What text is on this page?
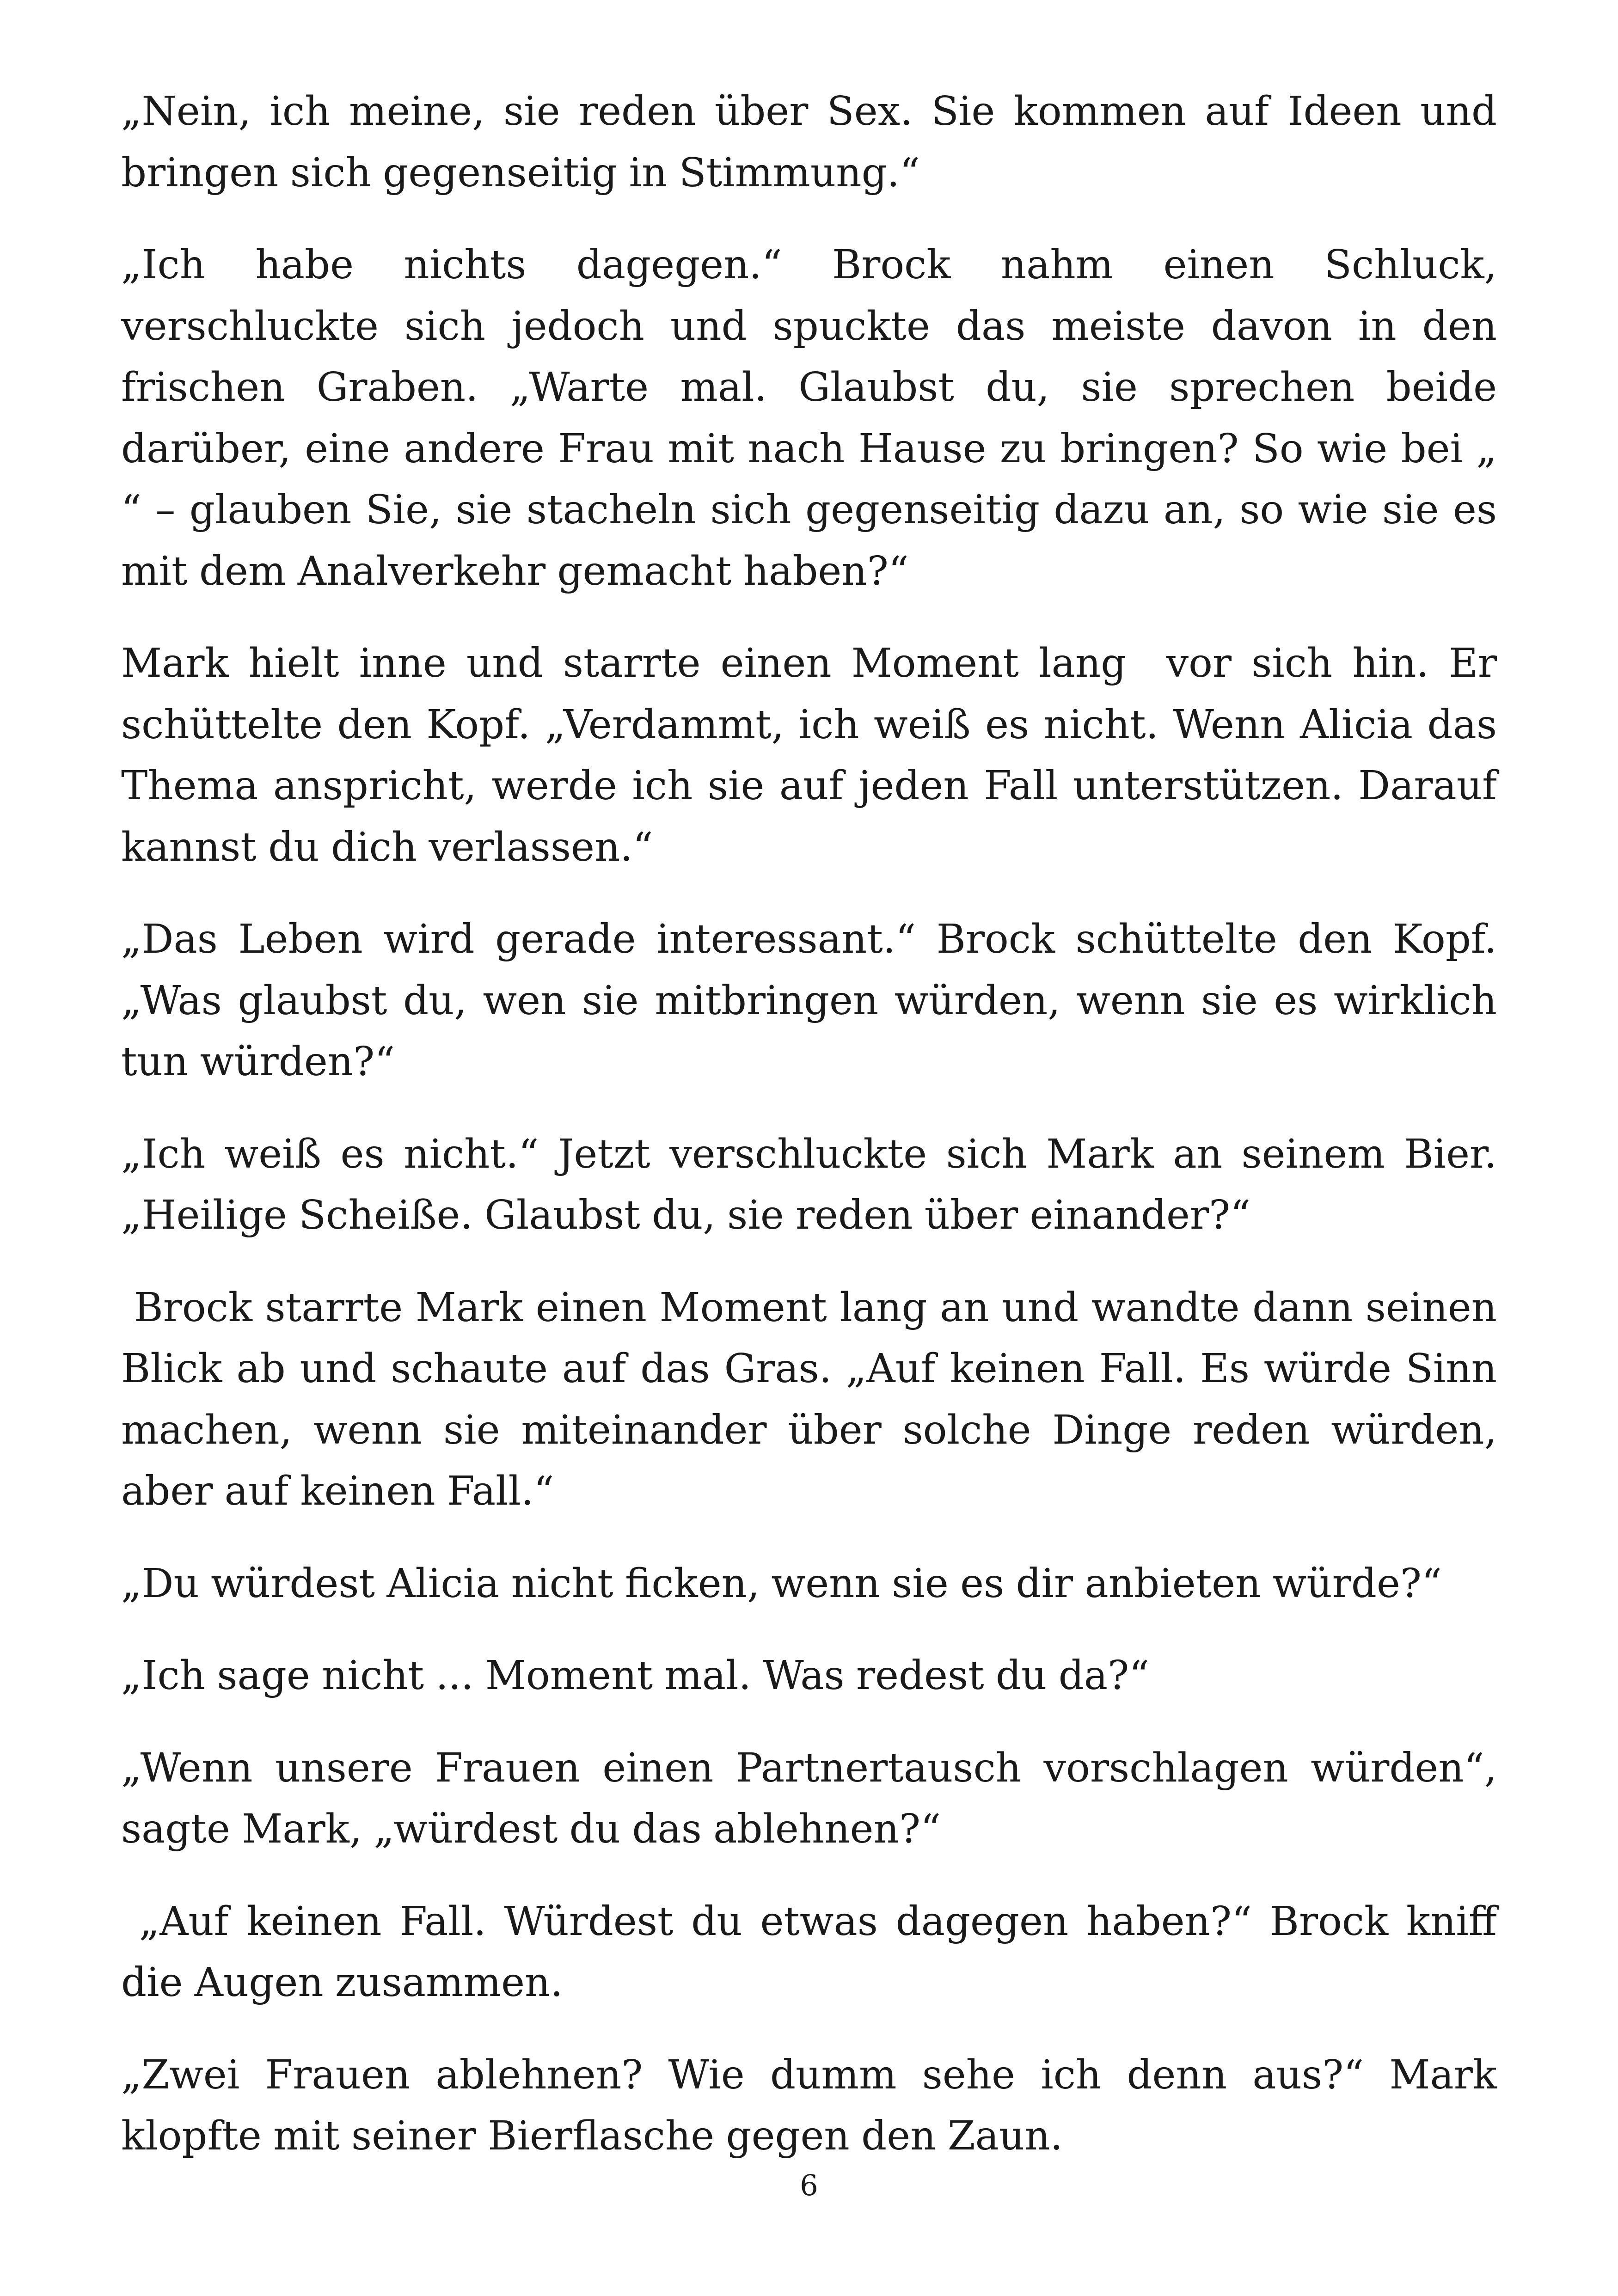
„Nein, ich meine, sie reden über Sex. Sie kommen auf Ideen und bringen sich gegenseitig in Stimmung.“

„Ich habe nichts dagegen.“ Brock nahm einen Schluck, verschluckte sich jedoch und spuckte das meiste davon in den frischen Graben. „Warte mal. Glaubst du, sie sprechen beide darüber, eine andere Frau mit nach Hause zu bringen? So wie bei „ “ – glauben Sie, sie stacheln sich gegenseitig dazu an, so wie sie es mit dem Analverkehr gemacht haben?“

Mark hielt inne und starrte einen Moment lang  vor sich hin. Er schüttelte den Kopf. „Verdammt, ich weiß es nicht. Wenn Alicia das Thema anspricht, werde ich sie auf jeden Fall unterstützen. Darauf kannst du dich verlassen.“

„Das Leben wird gerade interessant.“ Brock schüttelte den Kopf. „Was glaubst du, wen sie mitbringen würden, wenn sie es wirklich tun würden?“

„Ich weiß es nicht.“ Jetzt verschluckte sich Mark an seinem Bier. „Heilige Scheiße. Glaubst du, sie reden über einander?“

Brock starrte Mark einen Moment lang an und wandte dann seinen Blick ab und schaute auf das Gras. „Auf keinen Fall. Es würde Sinn machen, wenn sie miteinander über solche Dinge reden würden, aber auf keinen Fall.“

„Du würdest Alicia nicht ficken, wenn sie es dir anbieten würde?“

„Ich sage nicht ... Moment mal. Was redest du da?“

„Wenn unsere Frauen einen Partnertausch vorschlagen würden“, sagte Mark, „würdest du das ablehnen?“

„Auf keinen Fall. Würdest du etwas dagegen haben?“ Brock kniff die Augen zusammen.

„Zwei Frauen ablehnen? Wie dumm sehe ich denn aus?“ Mark klopfte mit seiner Bierflasche gegen den Zaun.

6
